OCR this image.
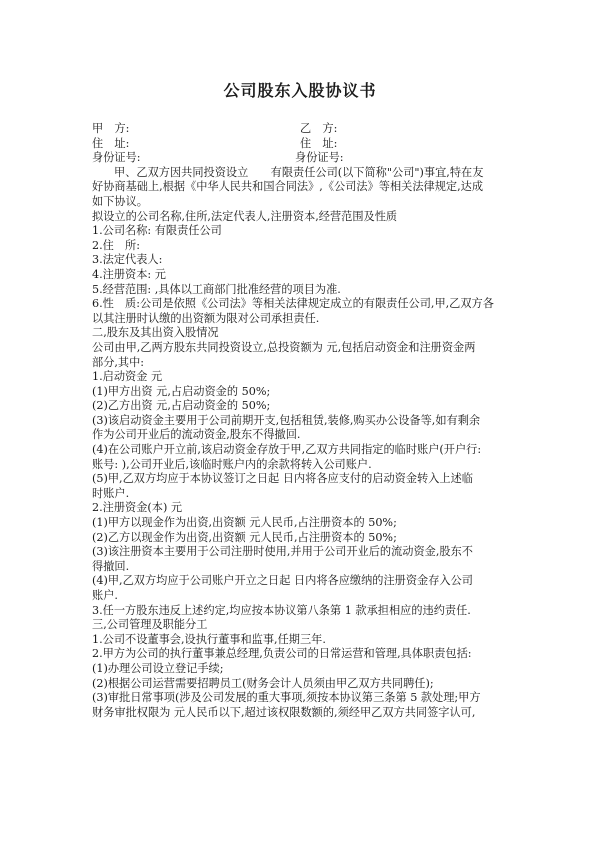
公司股东入股协议书
甲　方:	乙　方:
住　址:	住　址:
身份证号:	身份证号:
甲、乙双方因共同投资设立　　有限责任公司(以下简称"公司")事宜,特在友
好协商基础上,根据《中华人民共和国合同法》,《公司法》等相关法律规定,达成
如下协议。
拟设立的公司名称,住所,法定代表人,注册资本,经营范围及性质
1.公司名称: 有限责任公司
2.住　所:
3.法定代表人:
4.注册资本: 元
5.经营范围: ,具体以工商部门批准经营的项目为准.
6.性　质:公司是依照《公司法》等相关法律规定成立的有限责任公司,甲,乙双方各
以其注册时认缴的出资额为限对公司承担责任.
二,股东及其出资入股情况
公司由甲,乙两方股东共同投资设立,总投资额为 元,包括启动资金和注册资金两
部分,其中:
1.启动资金 元
(1)甲方出资 元,占启动资金的 50%;
(2)乙方出资 元,占启动资金的 50%;
(3)该启动资金主要用于公司前期开支,包括租赁,装修,购买办公设备等,如有剩余
作为公司开业后的流动资金,股东不得撤回.
(4)在公司账户开立前,该启动资金存放于甲,乙双方共同指定的临时账户(开户行:
账号: ),公司开业后,该临时账户内的余款将转入公司账户.
(5)甲,乙双方均应于本协议签订之日起 日内将各应支付的启动资金转入上述临
时账户.
2.注册资金(本) 元
(1)甲方以现金作为出资,出资额 元人民币,占注册资本的 50%;
(2)乙方以现金作为出资,出资额 元人民币,占注册资本的 50%;
(3)该注册资本主要用于公司注册时使用,并用于公司开业后的流动资金,股东不
得撤回.
(4)甲,乙双方均应于公司账户开立之日起 日内将各应缴纳的注册资金存入公司
账户.
3.任一方股东违反上述约定,均应按本协议第八条第 1 款承担相应的违约责任.
三,公司管理及职能分工
1.公司不设董事会,设执行董事和监事,任期三年.
2.甲方为公司的执行董事兼总经理,负责公司的日常运营和管理,具体职责包括:
(1)办理公司设立登记手续;
(2)根据公司运营需要招聘员工(财务会计人员须由甲乙双方共同聘任);
(3)审批日常事项(涉及公司发展的重大事项,须按本协议第三条第 5 款处理;甲方
财务审批权限为 元人民币以下,超过该权限数额的,须经甲乙双方共同签字认可,
